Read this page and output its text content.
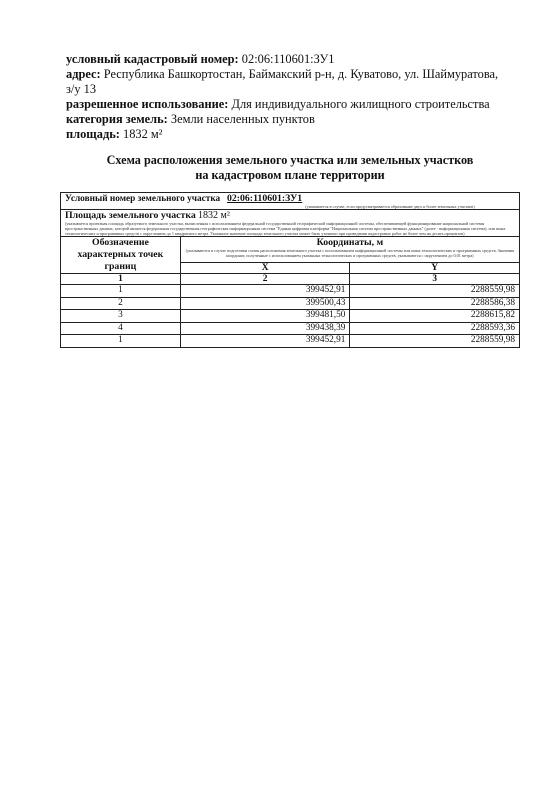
условный кадастровый номер: 02:06:110601:ЗУ1
адрес: Республика Башкортостан, Баймакский р-н, д. Куватово, ул. Шаймуратова,
з/у 13
разрешенное использование: Для индивидуального жилищного строительства
категория земель: Земли населенных пунктов
площадь: 1832 м²
Схема расположения земельного участка или земельных участков
на кадастровом плане территории
Условный номер земельного участка 02:06:110601:ЗУ1
(указывается в случае, если предусматривается образование двух и более земельных участков)		

Площадь земельного участка 1832 м²
(указывается проектная площадь образуемого земельного участка, вычисленная с использованием федеральной государственной географической информационной системы, обеспечивающей функционирование национальной системы пространственных данных, которой является федеральная государственная географическая информационная система "Единая цифровая платформа "Национальная система пространственных данных" (далее - информационная система), или иных технологических и программных средств с округлением до 1 квадратного метра. Указанное значение площади земельного участка может быть уточнено при проведении кадастровых работ не более чем на десять процентов)		

Обозначение характерных точек границ	Координаты, м
(указываются в случае подготовки схемы расположения земельного участка с использованием информационной системы или иных технологических и программных средств. Значения координат, полученные с использованием указанных технологических и программных средств, указываются с округлением до 0,01 метра)	

	X	Y
1	2	3
1	399452,91	2288559,98
2	399500,43	2288586,38
3	399481,50	2288615,82
4	399438,39	2288593,36
1	399452,91	2288559,98
